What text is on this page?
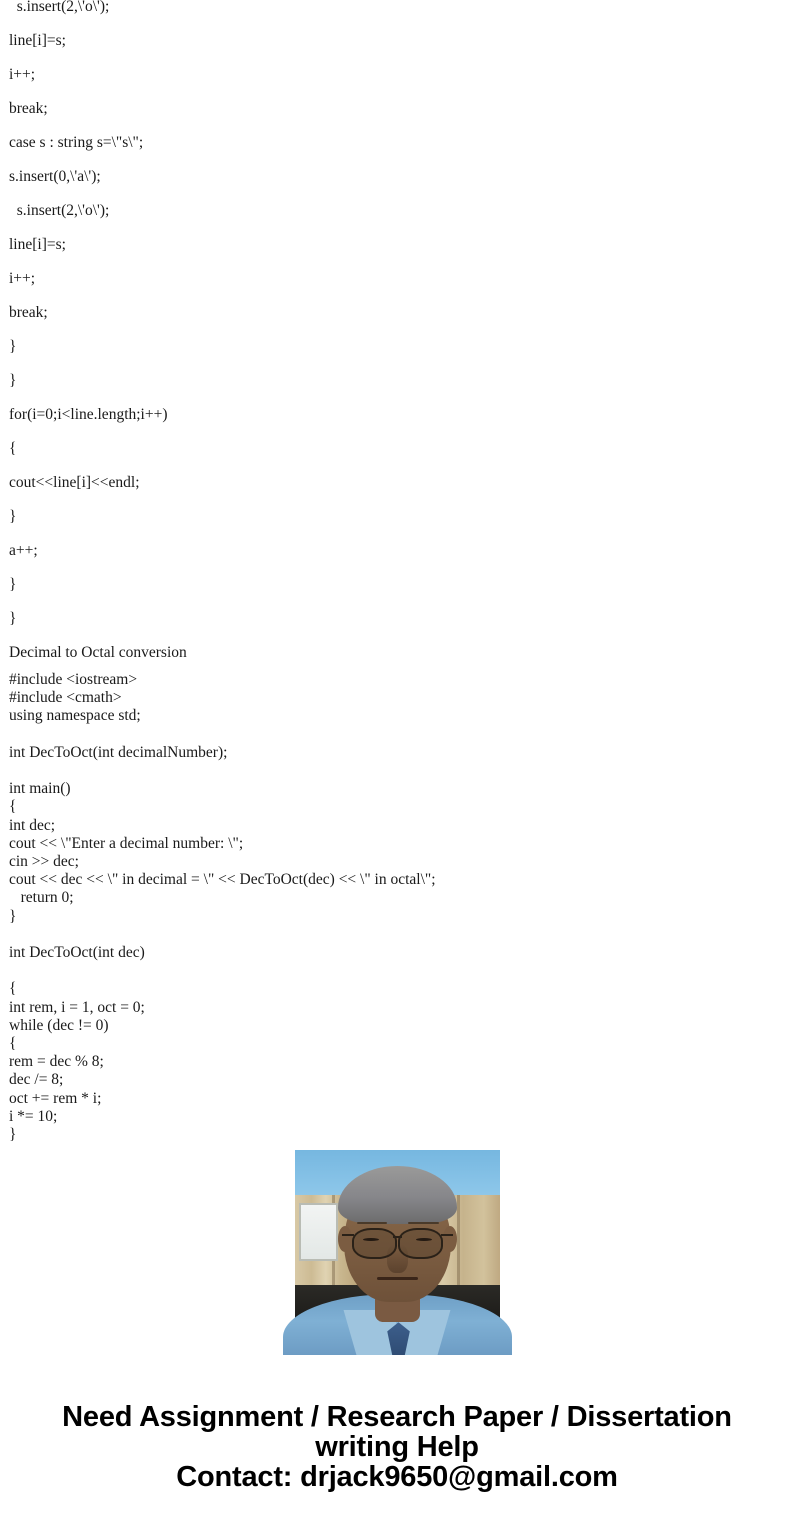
s.insert(2,\'o\');
line[i]=s;
i++;
break;
case s : string s=\"s\";
s.insert(0,\'a\');
s.insert(2,\'o\');
line[i]=s;
i++;
break;
}
}
for(i=0;i<line.length;i++)
{
cout<<line[i]<<endl;
}
a++;
}
}
Decimal to Octal conversion
#include <iostream>
#include <cmath>
using namespace std;
int DecToOct(int decimalNumber);
int main()
{
int dec;
cout << \"Enter a decimal number: \";
cin >> dec;
cout << dec << \" in decimal = \" << DecToOct(dec) << \" in octal\";
return 0;
}
int DecToOct(int dec)
{
int rem, i = 1, oct = 0;
while (dec != 0)
{
rem = dec % 8;
dec /= 8;
oct += rem * i;
i *= 10;
}
Need Assignment / Research Paper / Dissertation writing Help
Contact: drjack9650@gmail.com
